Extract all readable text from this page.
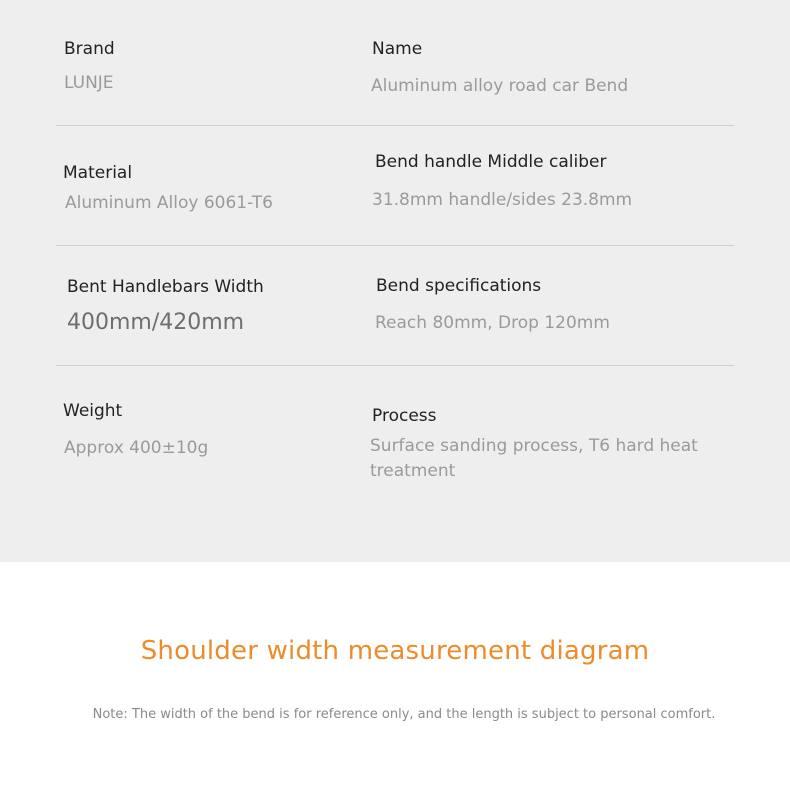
Brand
LUNJE
Name
Aluminum alloy road car Bend
Material
Aluminum Alloy 6061-T6
Bend handle Middle caliber
31.8mm handle/sides 23.8mm
Bent Handlebars Width
400mm/420mm
Bend specifications
Reach 80mm, Drop 120mm
Weight
Approx 400±10g
Process
Surface sanding process, T6 hard heat treatment
Shoulder width measurement diagram
Note: The width of the bend is for reference only, and the length is subject to personal comfort.
